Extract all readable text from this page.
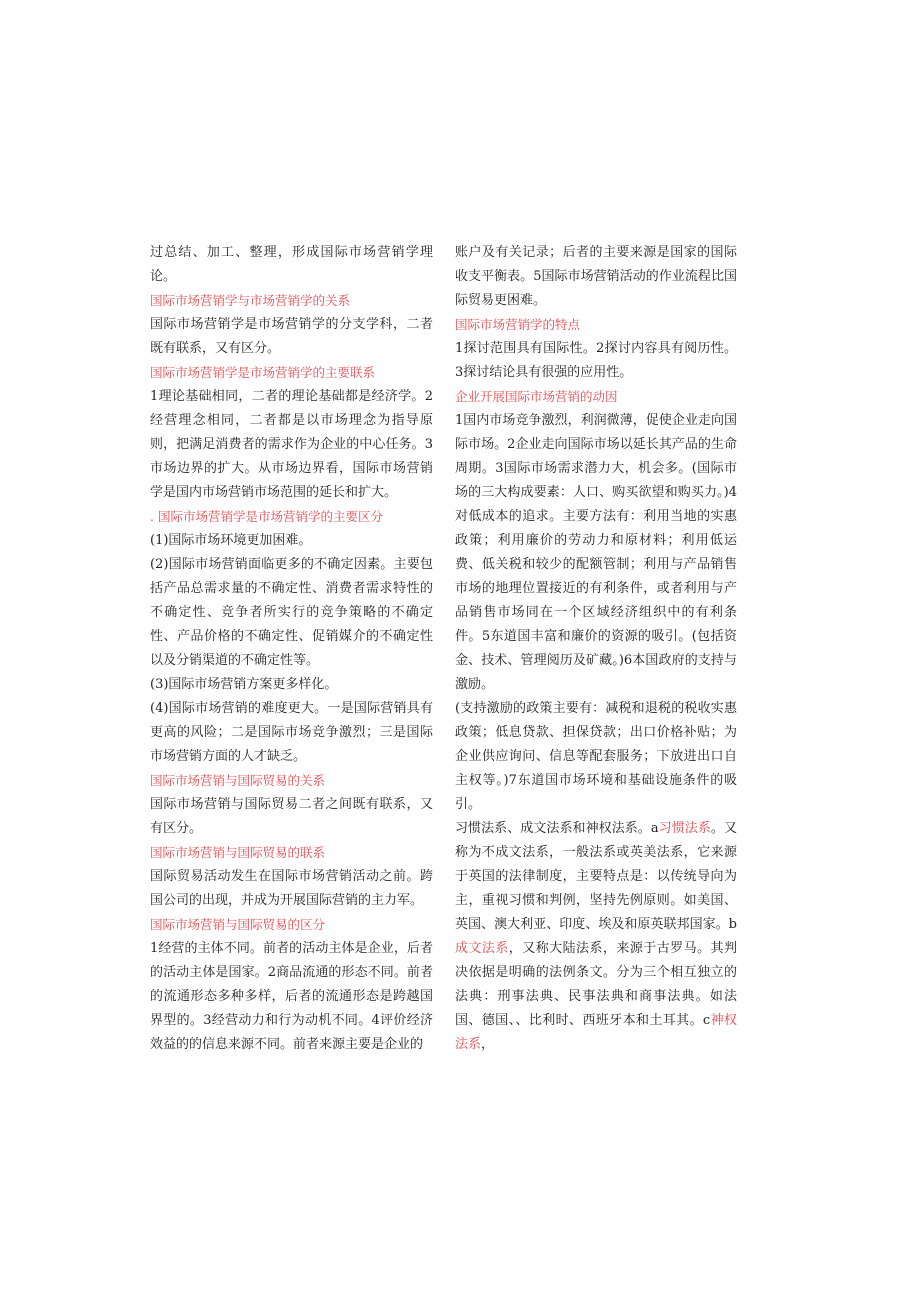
过总结、加工、整理，形成国际市场营销学理论。

国际市场营销学与市场营销学的关系

国际市场营销学是市场营销学的分支学科，二者既有联系，又有区分。

国际市场营销学是市场营销学的主要联系

1理论基础相同，二者的理论基础都是经济学。2经营理念相同，二者都是以市场理念为指导原则，把满足消费者的需求作为企业的中心任务。3市场边界的扩大。从市场边界看，国际市场营销学是国内市场营销市场范围的延长和扩大。

. 国际市场营销学是市场营销学的主要区分

(1)国际市场环境更加困难。

(2)国际市场营销面临更多的不确定因素。主要包括产品总需求量的不确定性、消费者需求特性的不确定性、竞争者所实行的竞争策略的不确定性、产品价格的不确定性、促销媒介的不确定性以及分销渠道的不确定性等。

(3)国际市场营销方案更多样化。

(4)国际市场营销的难度更大。一是国际营销具有更高的风险；二是国际市场竞争激烈；三是国际市场营销方面的人才缺乏。

国际市场营销与国际贸易的关系

国际市场营销与国际贸易二者之间既有联系，又有区分。

国际市场营销与国际贸易的联系

国际贸易活动发生在国际市场营销活动之前。跨国公司的出现，并成为开展国际营销的主力军。

国际市场营销与国际贸易的区分

1经营的主体不同。前者的活动主体是企业，后者的活动主体是国家。2商品流通的形态不同。前者的流通形态多种多样，后者的流通形态是跨越国界型的。3经营动力和行为动机不同。4评价经济效益的的信息来源不同。前者来源主要是企业的

账户及有关记录；后者的主要来源是国家的国际收支平衡表。5国际市场营销活动的作业流程比国际贸易更困难。

国际市场营销学的特点

1探讨范围具有国际性。2探讨内容具有阅历性。3探讨结论具有很强的应用性。

企业开展国际市场营销的动因

1国内市场竞争激烈，利润微薄，促使企业走向国际市场。2企业走向国际市场以延长其产品的生命周期。3国际市场需求潜力大，机会多。(国际市场的三大构成要素：人口、购买欲望和购买力。)4对低成本的追求。主要方法有：利用当地的实惠政策；利用廉价的劳动力和原材料；利用低运费、低关税和较少的配额管制；利用与产品销售市场的地理位置接近的有利条件，或者利用与产品销售市场同在一个区域经济组织中的有利条件。5东道国丰富和廉价的资源的吸引。(包括资金、技术、管理阅历及矿藏。)6本国政府的支持与激励。

(支持激励的政策主要有：减税和退税的税收实惠政策；低息贷款、担保贷款；出口价格补贴；为企业供应询问、信息等配套服务；下放进出口自主权等。)7东道国市场环境和基础设施条件的吸引。

习惯法系、成文法系和神权法系。a习惯法系。又称为不成文法系，一般法系或英美法系，它来源于英国的法律制度，主要特点是：以传统导向为主，重视习惯和判例，坚持先例原则。如美国、英国、澳大利亚、印度、埃及和原英联邦国家。b成文法系，又称大陆法系，来源于古罗马。其判决依据是明确的法例条文。分为三个相互独立的法典：刑事法典、民事法典和商事法典。如法国、德国、、比利时、西班牙本和土耳其。c神权法系，
